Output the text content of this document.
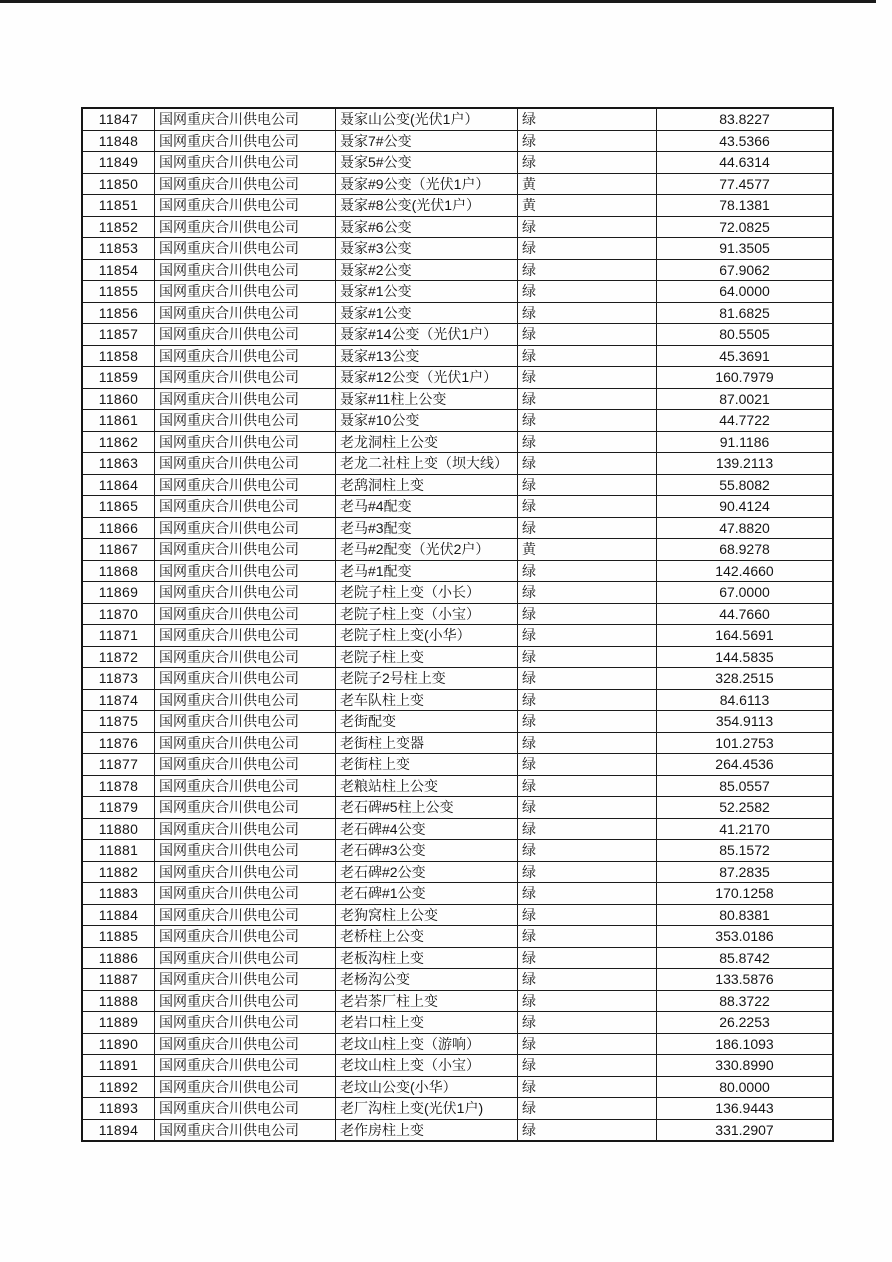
11847	国网重庆合川供电公司	聂家山公变(光伏1户）	绿	83.8227
11848	国网重庆合川供电公司	聂家7#公变	绿	43.5366
11849	国网重庆合川供电公司	聂家5#公变	绿	44.6314
11850	国网重庆合川供电公司	聂家#9公变（光伏1户）	黄	77.4577
11851	国网重庆合川供电公司	聂家#8公变(光伏1户）	黄	78.1381
11852	国网重庆合川供电公司	聂家#6公变	绿	72.0825
11853	国网重庆合川供电公司	聂家#3公变	绿	91.3505
11854	国网重庆合川供电公司	聂家#2公变	绿	67.9062
11855	国网重庆合川供电公司	聂家#1公变	绿	64.0000
11856	国网重庆合川供电公司	聂家#1公变	绿	81.6825
11857	国网重庆合川供电公司	聂家#14公变（光伏1户）	绿	80.5505
11858	国网重庆合川供电公司	聂家#13公变	绿	45.3691
11859	国网重庆合川供电公司	聂家#12公变（光伏1户）	绿	160.7979
11860	国网重庆合川供电公司	聂家#11柱上公变	绿	87.0021
11861	国网重庆合川供电公司	聂家#10公变	绿	44.7722
11862	国网重庆合川供电公司	老龙洞柱上公变	绿	91.1186
11863	国网重庆合川供电公司	老龙二社柱上变（坝大线）	绿	139.2113
11864	国网重庆合川供电公司	老鸹洞柱上变	绿	55.8082
11865	国网重庆合川供电公司	老马#4配变	绿	90.4124
11866	国网重庆合川供电公司	老马#3配变	绿	47.8820
11867	国网重庆合川供电公司	老马#2配变（光伏2户）	黄	68.9278
11868	国网重庆合川供电公司	老马#1配变	绿	142.4660
11869	国网重庆合川供电公司	老院子柱上变（小长）	绿	67.0000
11870	国网重庆合川供电公司	老院子柱上变（小宝）	绿	44.7660
11871	国网重庆合川供电公司	老院子柱上变(小华）	绿	164.5691
11872	国网重庆合川供电公司	老院子柱上变	绿	144.5835
11873	国网重庆合川供电公司	老院子2号柱上变	绿	328.2515
11874	国网重庆合川供电公司	老车队柱上变	绿	84.6113
11875	国网重庆合川供电公司	老街配变	绿	354.9113
11876	国网重庆合川供电公司	老街柱上变器	绿	101.2753
11877	国网重庆合川供电公司	老街柱上变	绿	264.4536
11878	国网重庆合川供电公司	老粮站柱上公变	绿	85.0557
11879	国网重庆合川供电公司	老石碑#5柱上公变	绿	52.2582
11880	国网重庆合川供电公司	老石碑#4公变	绿	41.2170
11881	国网重庆合川供电公司	老石碑#3公变	绿	85.1572
11882	国网重庆合川供电公司	老石碑#2公变	绿	87.2835
11883	国网重庆合川供电公司	老石碑#1公变	绿	170.1258
11884	国网重庆合川供电公司	老狗窝柱上公变	绿	80.8381
11885	国网重庆合川供电公司	老桥柱上公变	绿	353.0186
11886	国网重庆合川供电公司	老板沟柱上变	绿	85.8742
11887	国网重庆合川供电公司	老杨沟公变	绿	133.5876
11888	国网重庆合川供电公司	老岩茶厂柱上变	绿	88.3722
11889	国网重庆合川供电公司	老岩口柱上变	绿	26.2253
11890	国网重庆合川供电公司	老坟山柱上变（游响）	绿	186.1093
11891	国网重庆合川供电公司	老坟山柱上变（小宝）	绿	330.8990
11892	国网重庆合川供电公司	老坟山公变(小华）	绿	80.0000
11893	国网重庆合川供电公司	老厂沟柱上变(光伏1户)	绿	136.9443
11894	国网重庆合川供电公司	老作房柱上变	绿	331.2907
